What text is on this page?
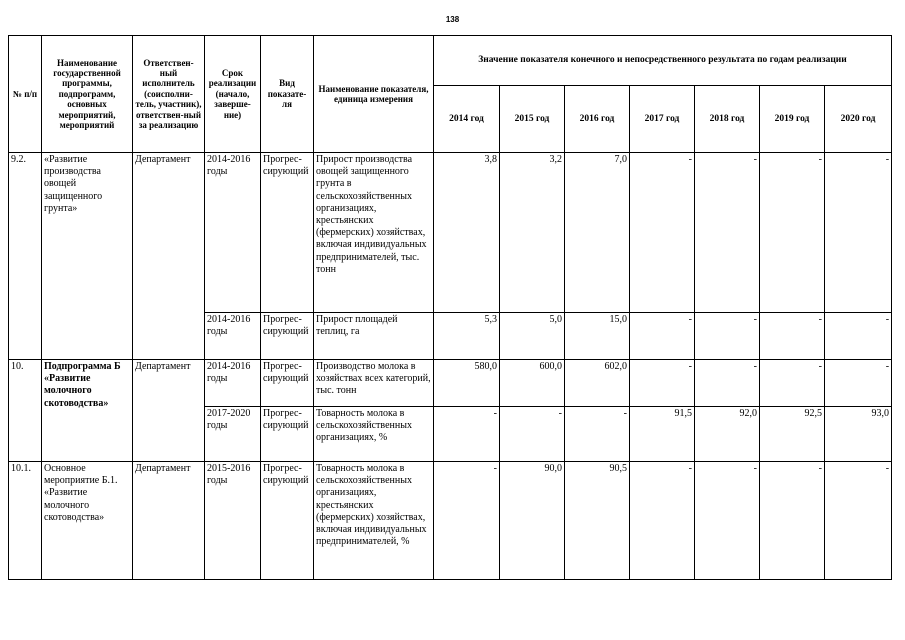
138
№ п/п	Наименование государственной программы, подпрограмм, основных мероприятий, мероприятий	Ответствен-ный исполнитель (соисполни-тель, участник), ответствен-ный за реализацию	Срок реализации (начало, заверше-ние)	Вид показате-ля	Наименование показателя, единица измерения	Значение показателя конечного и непосредственного результата по годам реализации						
						2014 год	2015 год	2016 год	2017 год	2018 год	2019 год	2020 год
9.2.	«Развитие производства овощей защищенного грунта»	Департамент	2014-2016 годы	Прогрес-сирующий	Прирост производства овощей защищенного грунта в сельскохозяйственных организациях, крестьянских (фермерских) хозяйствах, включая индивидуальных предпринимателей, тыс. тонн	3,8	3,2	7,0	-	-	-	-
			2014-2016 годы	Прогрес-сирующий	Прирост площадей теплиц, га	5,3	5,0	15,0	-	-	-	-
10.	Подпрограмма Б «Развитие молочного скотоводства»	Департамент	2014-2016 годы	Прогрес-сирующий	Производство молока в хозяйствах всех категорий, тыс. тонн	580,0	600,0	602,0	-	-	-	-
			2017-2020 годы	Прогрес-сирующий	Товарность молока в сельскохозяйственных организациях, %	-	-	-	91,5	92,0	92,5	93,0
10.1.	Основное мероприятие Б.1. «Развитие молочного скотоводства»	Департамент	2015-2016 годы	Прогрес-сирующий	Товарность молока в сельскохозяйственных организациях, крестьянских (фермерских) хозяйствах, включая индивидуальных предпринимателей, %	-	90,0	90,5	-	-	-	-
